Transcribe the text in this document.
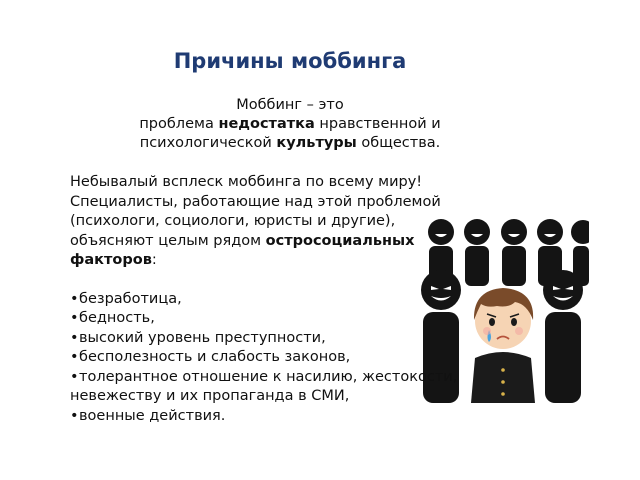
Причины моббинга
Моббинг – это
проблема недостатка нравственной и
психологической культуры общества.

Небывалый всплеск моббинга по всему миру!

Специалисты, работающие над этой проблемой

(психологи, социологи, юристы и другие),

объясняют целым рядом остросоциальных

факторов:

•безработица,
•бедность,
•высокий уровень преступности,
•бесполезность и слабость законов,
•толерантное отношение к насилию, жестокости,
невежеству и их пропаганда в СМИ,
•военные действия.
